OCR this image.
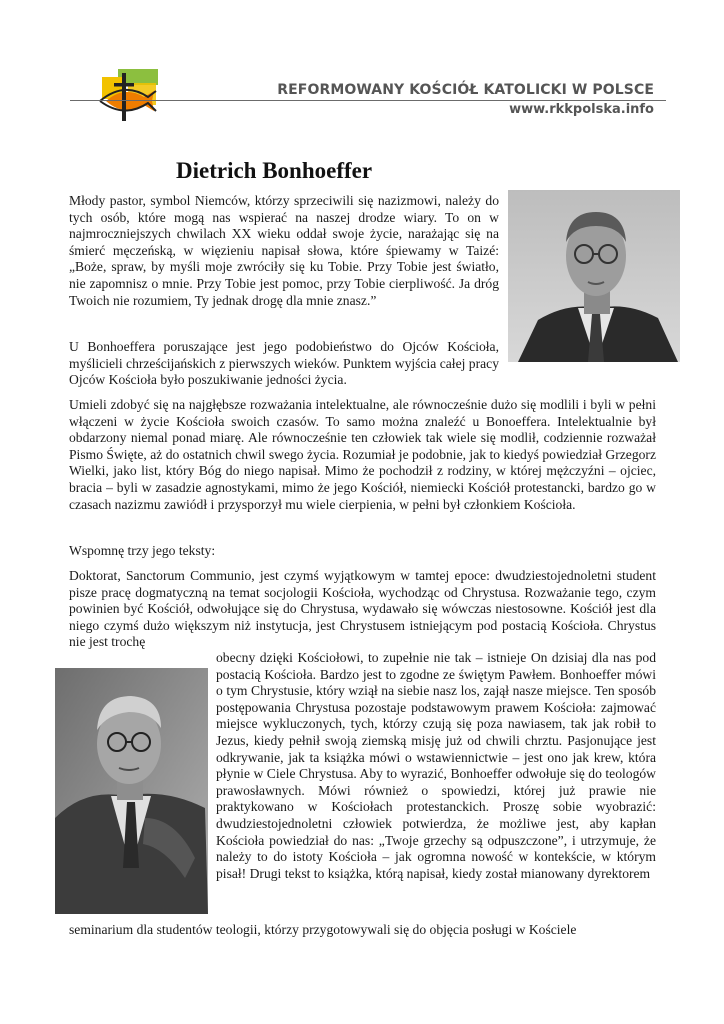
REFORMOWANY KOŚCIÓŁ KATOLICKI W POLSCE
www.rkkpolska.info
Dietrich Bonhoeffer

Młody pastor, symbol Niemców, którzy sprzeciwili się nazizmowi, należy do tych osób, które mogą nas wspierać na naszej drodze wiary. To on w najmroczniejszych chwilach XX wieku oddał swoje życie, narażając się na śmierć męczeńską, w więzieniu napisał słowa, które śpiewamy w Taizé: „Boże, spraw, by myśli moje zwróciły się ku Tobie. Przy Tobie jest światło, nie zapomnisz o mnie. Przy Tobie jest pomoc, przy Tobie cierpliwość. Ja dróg Twoich nie rozumiem, Ty jednak drogę dla mnie znasz.”

U Bonhoeffera poruszające jest jego podobieństwo do Ojców Kościoła, myślicieli chrześcijańskich z pierwszych wieków. Punktem wyjścia całej pracy Ojców Kościoła było poszukiwanie jedności życia.

Umieli zdobyć się na najgłębsze rozważania intelektualne, ale równocześnie dużo się modlili i byli w pełni włączeni w życie Kościoła swoich czasów. To samo można znaleźć u Bonoeffera. Intelektualnie był obdarzony niemal ponad miarę. Ale równocześnie ten człowiek tak wiele się modlił, codziennie rozważał Pismo Święte, aż do ostatnich chwil swego życia. Rozumiał je podobnie, jak to kiedyś powiedział Grzegorz Wielki, jako list, który Bóg do niego napisał. Mimo że pochodził z rodziny, w której mężczyźni – ojciec, bracia – byli w zasadzie agnostykami, mimo że jego Kościół, niemiecki Kościół protestancki, bardzo go w czasach nazizmu zawiódł i przysporzył mu wiele cierpienia, w pełni był członkiem Kościoła.

Wspomnę trzy jego teksty:

Doktorat, Sanctorum Communio, jest czymś wyjątkowym w tamtej epoce: dwudziestojednoletni student pisze pracę dogmatyczną na temat socjologii Kościoła, wychodząc od Chrystusa. Rozważanie tego, czym powinien być Kościół, odwołujące się do Chrystusa, wydawało się wówczas niestosowne. Kościół jest dla niego czymś dużo większym niż instytucja, jest Chrystusem istniejącym pod postacią Kościoła. Chrystus nie jest trochę

obecny dzięki Kościołowi, to zupełnie nie tak – istnieje On dzisiaj dla nas pod postacią Kościoła. Bardzo jest to zgodne ze świętym Pawłem. Bonhoeffer mówi o tym Chrystusie, który wziął na siebie nasz los, zajął nasze miejsce. Ten sposób postępowania Chrystusa pozostaje podstawowym prawem Kościoła: zajmować miejsce wykluczonych, tych, którzy czują się poza nawiasem, tak jak robił to Jezus, kiedy pełnił swoją ziemską misję już od chwili chrztu. Pasjonujące jest odkrywanie, jak ta książka mówi o wstawiennictwie – jest ono jak krew, która płynie w Ciele Chrystusa. Aby to wyrazić, Bonhoeffer odwołuje się do teologów prawosławnych. Mówi również o spowiedzi, której już prawie nie praktykowano w Kościołach protestanckich. Proszę sobie wyobrazić: dwudziestojednoletni człowiek potwierdza, że możliwe jest, aby kapłan Kościoła powiedział do nas: „Twoje grzechy są odpuszczone”, i utrzymuje, że należy to do istoty Kościoła – jak ogromna nowość w kontekście, w którym pisał! Drugi tekst to książka, którą napisał, kiedy został mianowany dyrektorem

seminarium dla studentów teologii, którzy przygotowywali się do objęcia posługi w Kościele
